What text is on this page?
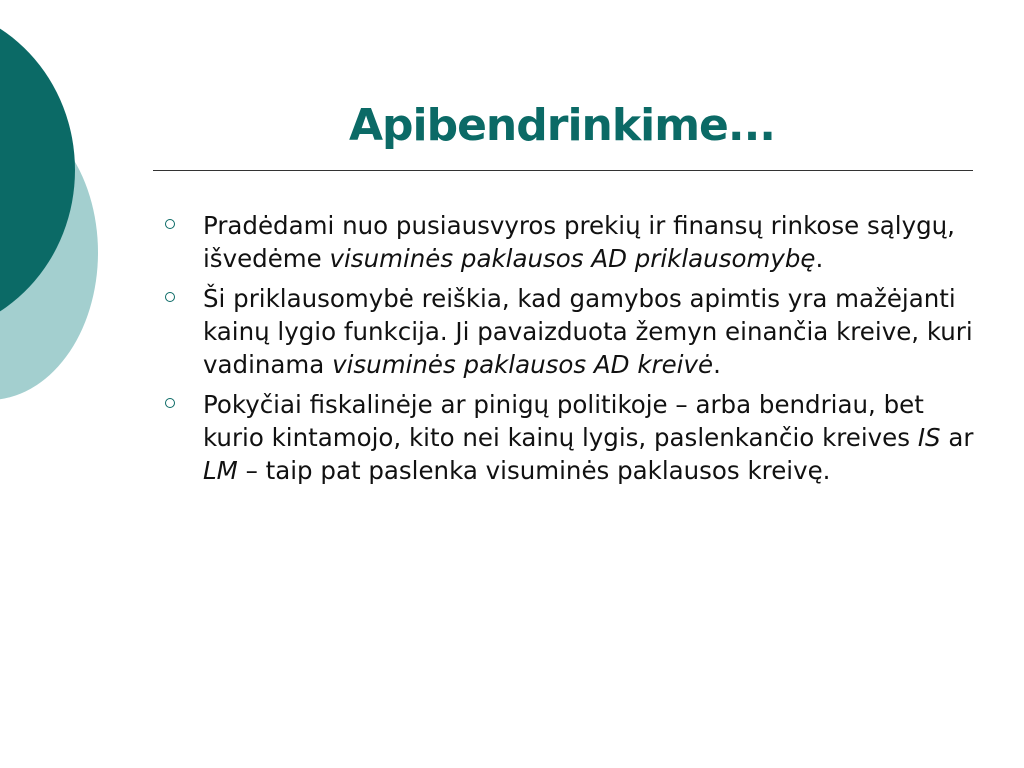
Apibendrinkime...
Pradėdami nuo pusiausvyros prekių ir finansų rinkose sąlygų, išvedėme visuminės paklausos AD priklausomybę.
Ši priklausomybė reiškia, kad gamybos apimtis yra mažėjanti kainų lygio funkcija. Ji pavaizduota žemyn einančia kreive, kuri vadinama visuminės paklausos AD kreivė.
Pokyčiai fiskalinėje ar pinigų politikoje – arba bendriau, bet kurio kintamojo, kito nei kainų lygis, paslenkančio kreives IS ar LM – taip pat paslenka visuminės paklausos kreivę.
